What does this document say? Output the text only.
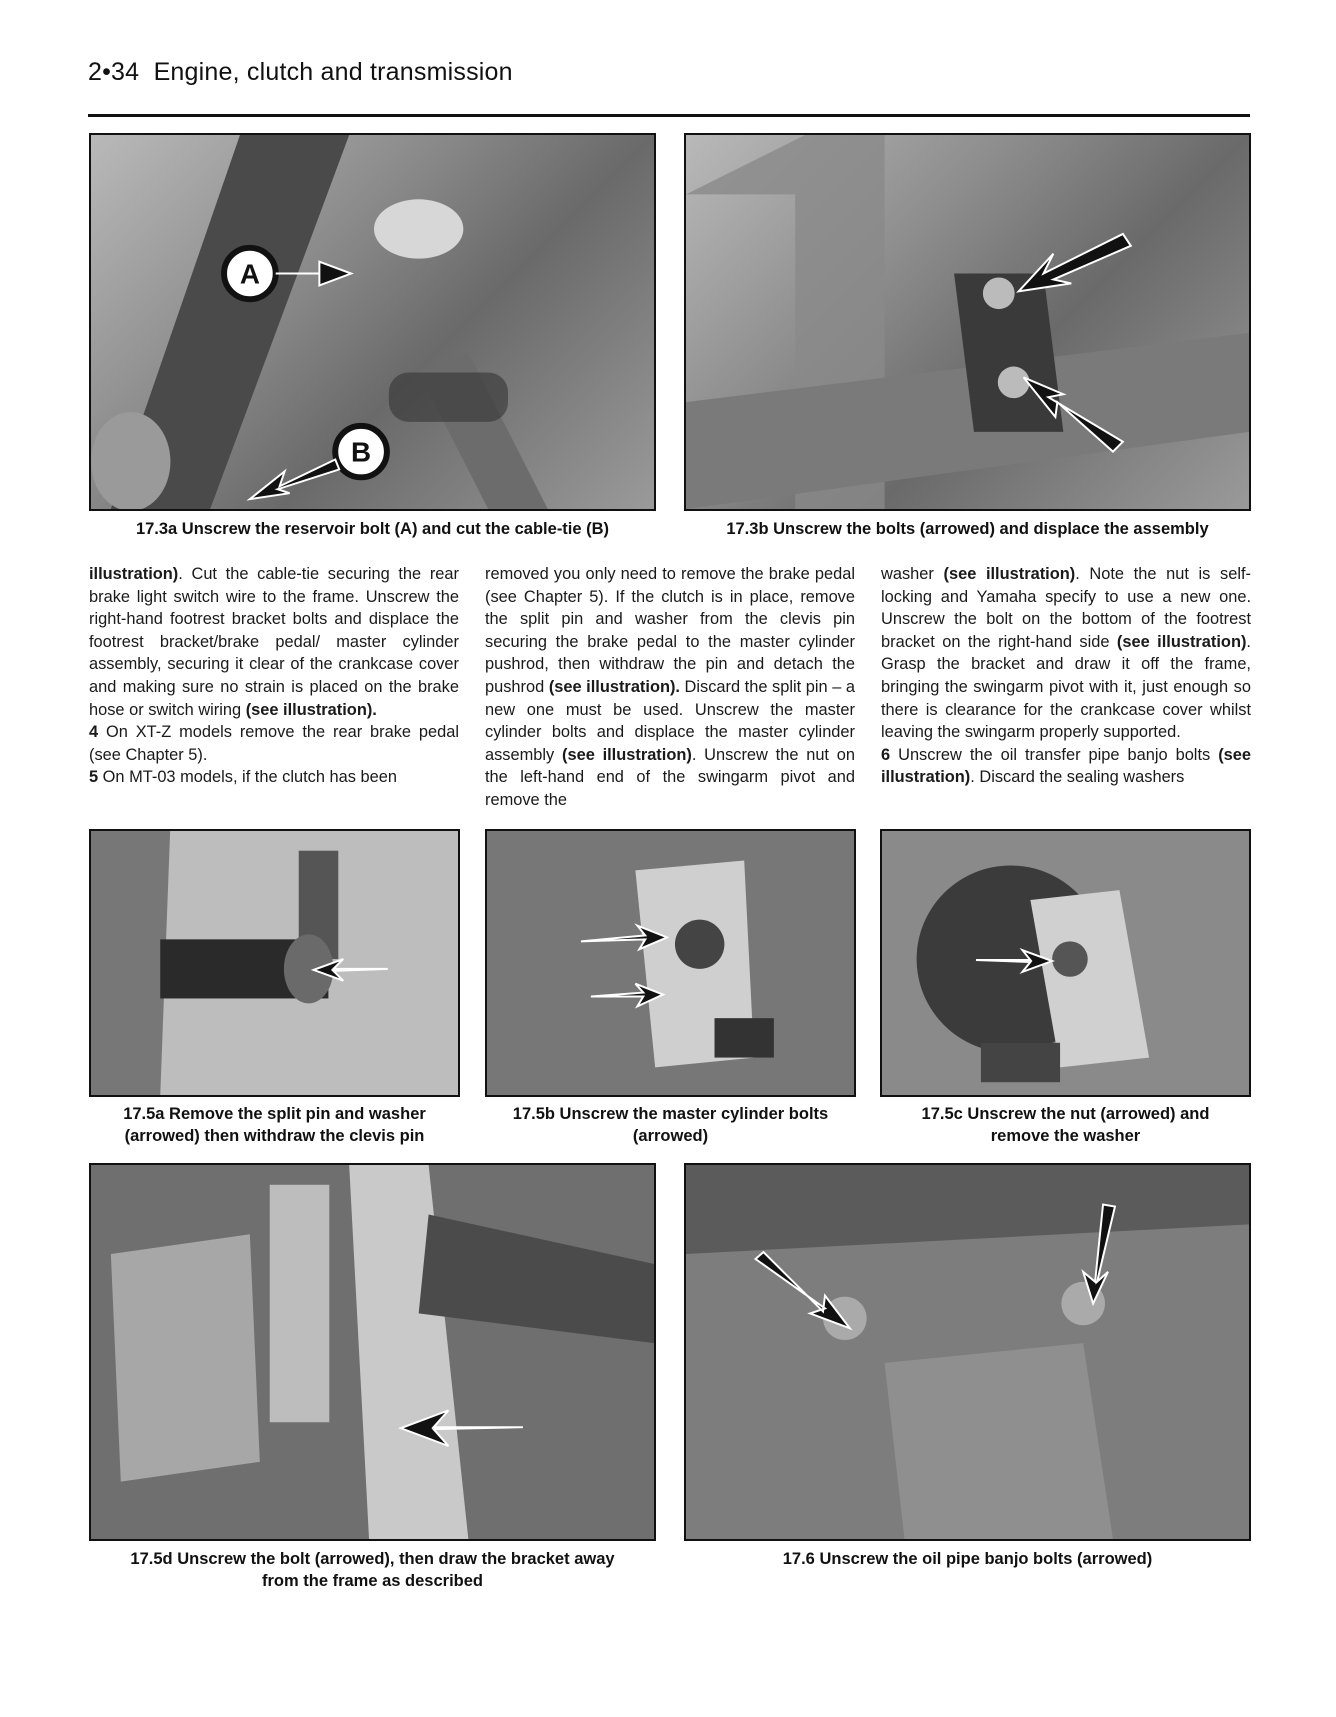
2•34 Engine, clutch and transmission
A
B
17.3a Unscrew the reservoir bolt (A) and cut the cable-tie (B)	17.3b Unscrew the bolts (arrowed) and displace the assembly

illustration). Cut the cable-tie securing the rear brake light switch wire to the frame. Unscrew the right-hand footrest bracket bolts and displace the footrest bracket/brake pedal/ master cylinder assembly, securing it clear of the crankcase cover and making sure no strain is placed on the brake hose or switch wiring (see illustration).

4 On XT-Z models remove the rear brake pedal (see Chapter 5).

5 On MT-03 models, if the clutch has been

removed you only need to remove the brake pedal (see Chapter 5). If the clutch is in place, remove the split pin and washer from the clevis pin securing the brake pedal to the master cylinder pushrod, then withdraw the pin and detach the pushrod (see illustration). Discard the split pin – a new one must be used. Unscrew the master cylinder bolts and displace the master cylinder assembly (see illustration). Unscrew the nut on the left-hand end of the swingarm pivot and remove the

washer (see illustration). Note the nut is self-locking and Yamaha specify to use a new one. Unscrew the bolt on the bottom of the footrest bracket on the right-hand side (see illustration). Grasp the bracket and draw it off the frame, bringing the swingarm pivot with it, just enough so there is clearance for the crankcase cover whilst leaving the swingarm properly supported.

6 Unscrew the oil transfer pipe banjo bolts (see illustration). Discard the sealing washers

17.5a Remove the split pin and washer
(arrowed) then withdraw the clevis pin
17.5b Unscrew the master cylinder bolts
(arrowed)
17.5c Unscrew the nut (arrowed) and
remove the washer
17.5d Unscrew the bolt (arrowed), then draw the bracket away
from the frame as described
17.6 Unscrew the oil pipe banjo bolts (arrowed)
